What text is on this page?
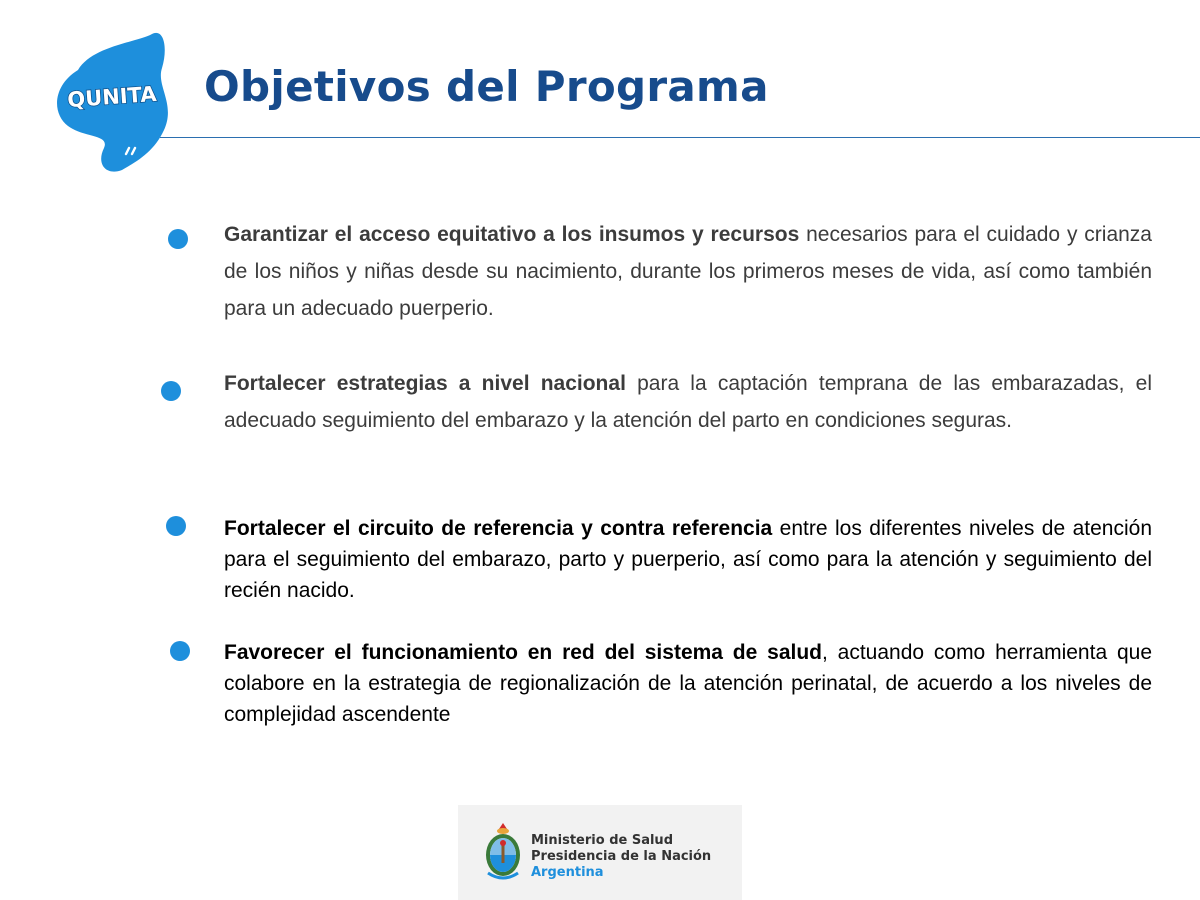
QUNITA Objetivos del Programa

Garantizar el acceso equitativo a los insumos y recursos necesarios para el cuidado y crianza de los niños y niñas desde su nacimiento, durante los primeros meses de vida, así como también para un adecuado puerperio.

Fortalecer estrategias a nivel nacional para la captación temprana de las embarazadas, el adecuado seguimiento del embarazo y la atención del parto en condiciones seguras.

Fortalecer el circuito de referencia y contra referencia entre los diferentes niveles de atención para el seguimiento del embarazo, parto y puerperio, así como para la atención y seguimiento del recién nacido.

Favorecer el funcionamiento en red del sistema de salud, actuando como herramienta que colabore en la estrategia de regionalización de la atención perinatal, de acuerdo a los niveles de complejidad ascendente

Ministerio de Salud
Presidencia de la Nación
Argentina
